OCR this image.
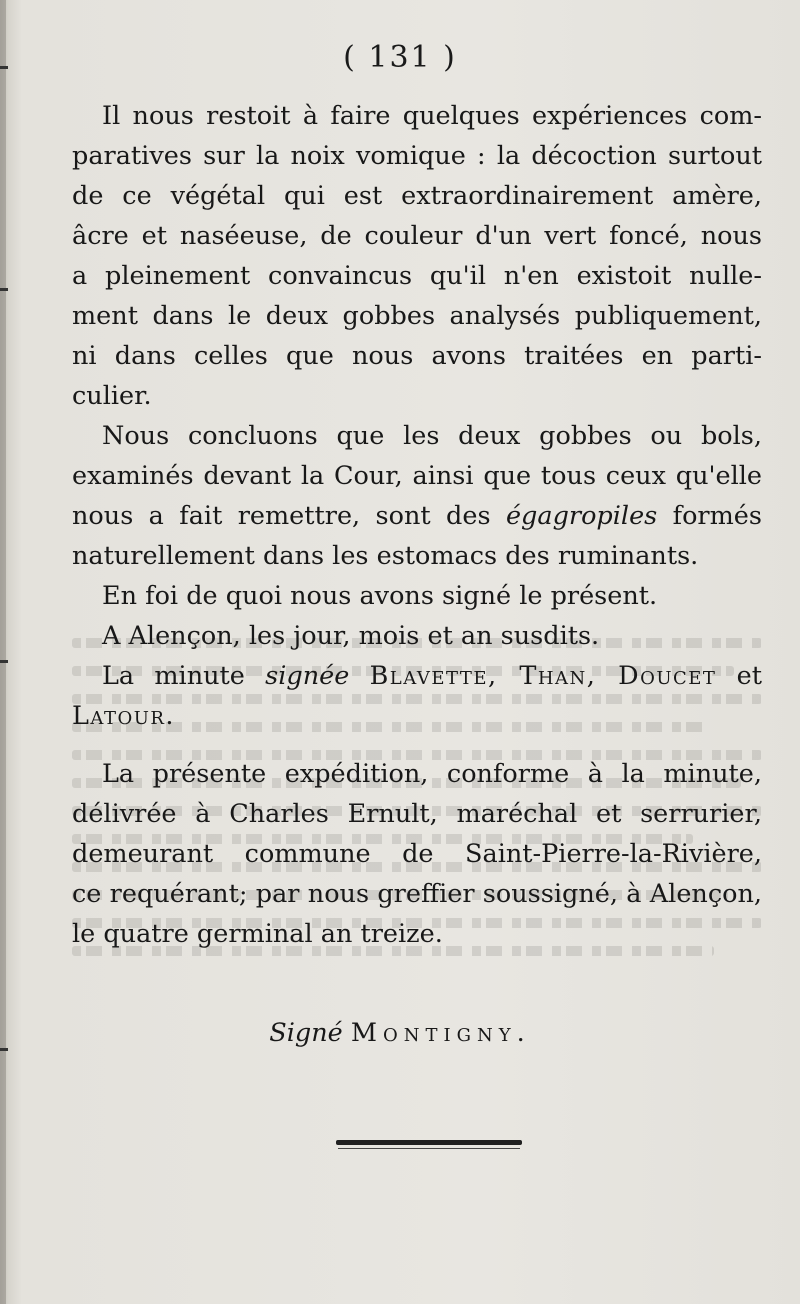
( 131 )
Il nous restoit à faire quelques expériences com-
paratives sur la noix vomique : la décoction surtout
de ce végétal qui est extraordinairement amère,
âcre et naséeuse, de couleur d'un vert foncé, nous
a pleinement convaincus qu'il n'en existoit nulle-
ment dans le deux gobbes analysés publiquement,
ni dans celles que nous avons traitées en parti-
culier.
Nous concluons que les deux gobbes ou bols,
examinés devant la Cour, ainsi que tous ceux qu'elle
nous a fait remettre, sont des égagropiles formés
naturellement dans les estomacs des ruminants.
En foi de quoi nous avons signé le présent.
A Alençon, les jour, mois et an susdits.
La minute signée Blavette, Than, Doucet et
Latour.
La présente expédition, conforme à la minute,
délivrée à Charles Ernult, maréchal et serrurier,
demeurant commune de Saint-Pierre-la-Rivière,
ce requérant; par nous greffier soussigné, à Alençon,
le quatre germinal an treize.
Signé Montigny.
